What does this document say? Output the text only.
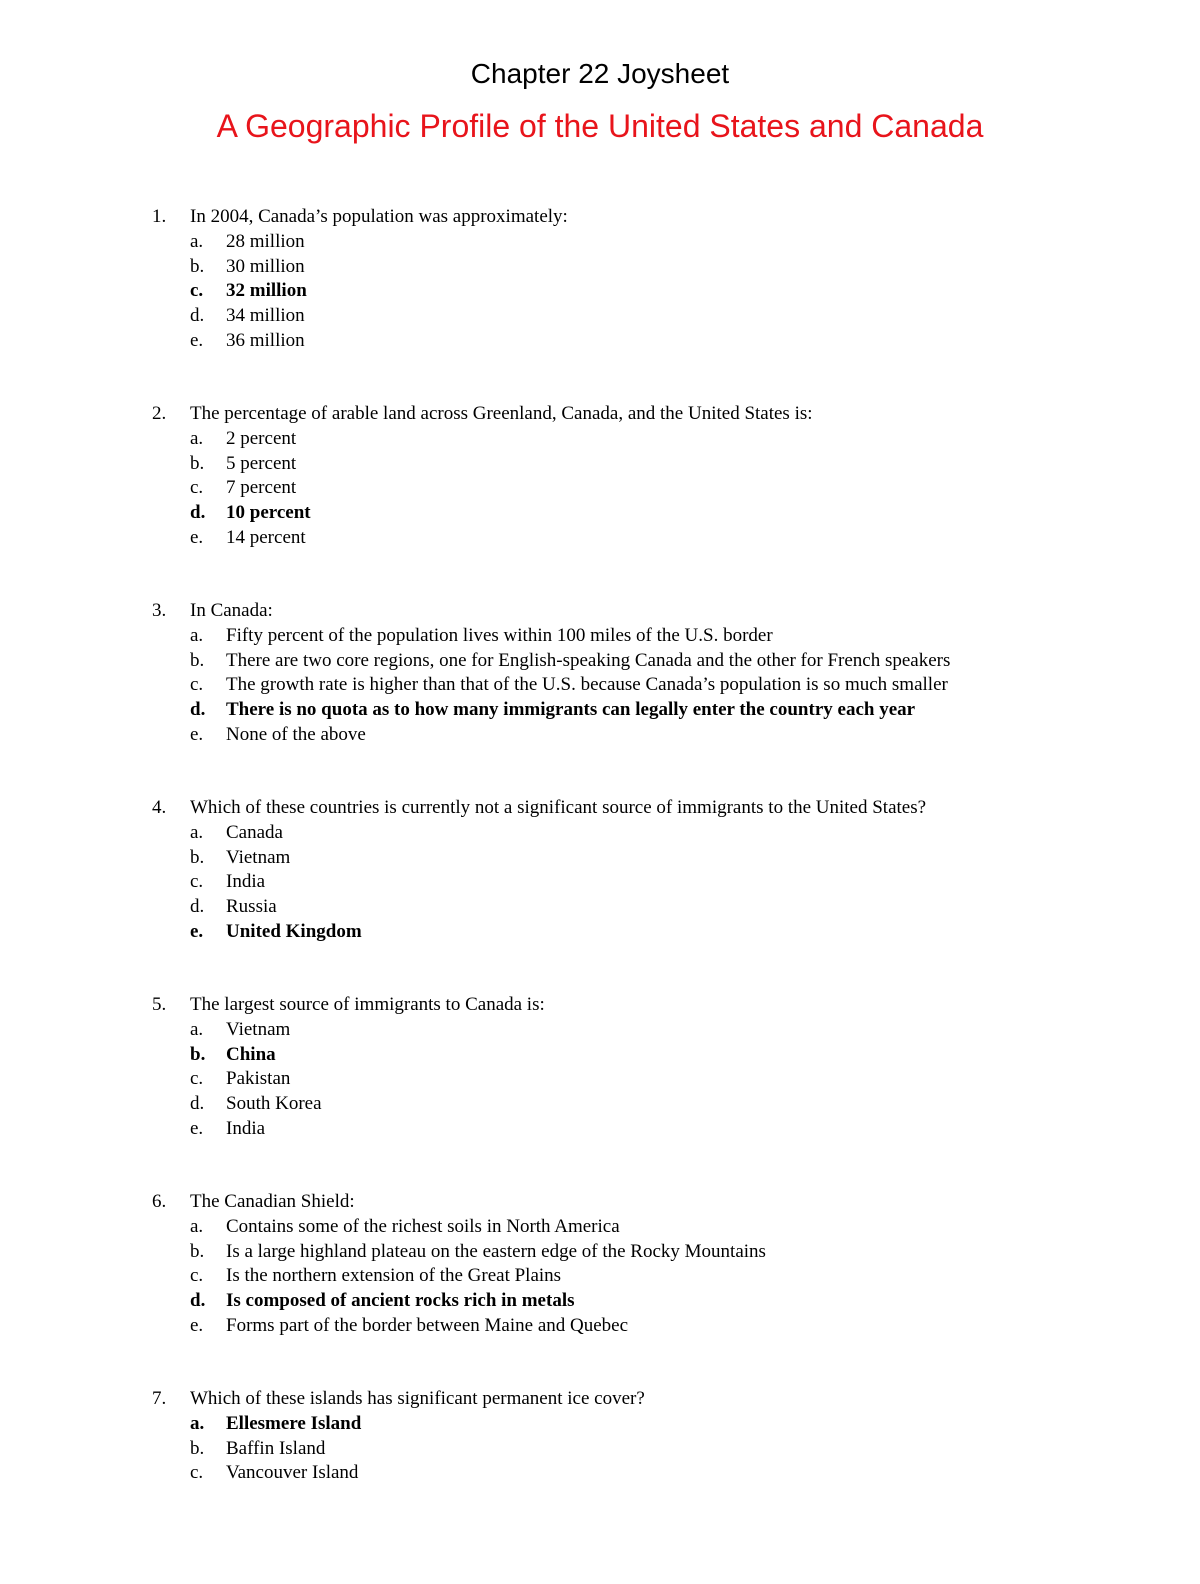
Chapter 22 Joysheet
A Geographic Profile of the United States and Canada
1.	In 2004, Canada’s population was approximately:
a.	28 million
b.	30 million
c.	32 million
d.	34 million
e.	36 million
2.	The percentage of arable land across Greenland, Canada, and the United States is:
a.	2 percent
b.	5 percent
c.	7 percent
d.	10 percent
e.	14 percent
3.	In Canada:
a.	Fifty percent of the population lives within 100 miles of the U.S. border
b.	There are two core regions, one for English-speaking Canada and the other for French speakers
c.	The growth rate is higher than that of the U.S. because Canada’s population is so much smaller
d.	There is no quota as to how many immigrants can legally enter the country each year
e.	None of the above
4.	Which of these countries is currently not a significant source of immigrants to the United States?
a.	Canada
b.	Vietnam
c.	India
d.	Russia
e.	United Kingdom
5.	The largest source of immigrants to Canada is:
a.	Vietnam
b.	China
c.	Pakistan
d.	South Korea
e.	India
6.	The Canadian Shield:
a.	Contains some of the richest soils in North America
b.	Is a large highland plateau on the eastern edge of the Rocky Mountains
c.	Is the northern extension of the Great Plains
d.	Is composed of ancient rocks rich in metals
e.	Forms part of the border between Maine and Quebec
7.	Which of these islands has significant permanent ice cover?
a.	Ellesmere Island
b.	Baffin Island
c.	Vancouver Island
